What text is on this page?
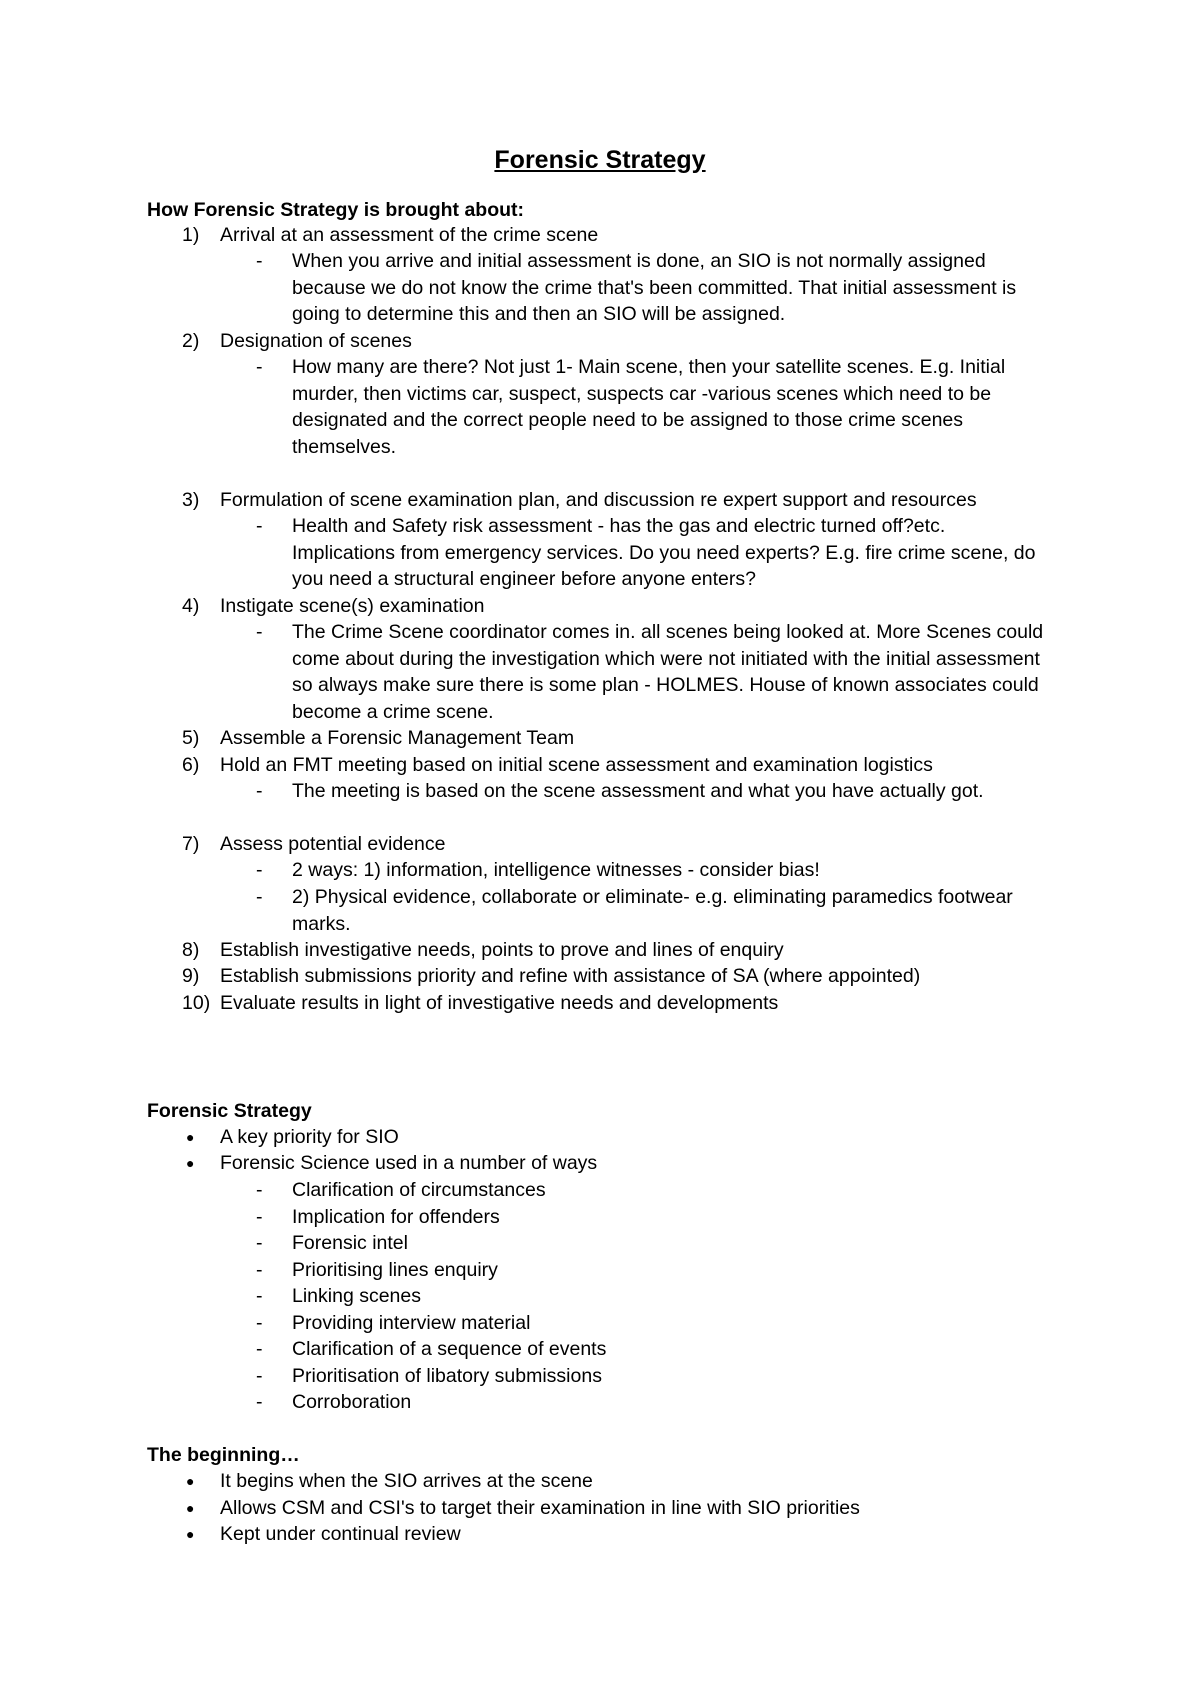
Forensic Strategy
How Forensic Strategy is brought about:
1) Arrival at an assessment of the crime scene
- When you arrive and initial assessment is done, an SIO is not normally assigned because we do not know the crime that's been committed. That initial assessment is going to determine this and then an SIO will be assigned.
2) Designation of scenes
- How many are there? Not just 1- Main scene, then your satellite scenes. E.g. Initial murder, then victims car, suspect, suspects car -various scenes which need to be designated and the correct people need to be assigned to those crime scenes themselves.
3) Formulation of scene examination plan, and discussion re expert support and resources
- Health and Safety risk assessment - has the gas and electric turned off?etc. Implications from emergency services. Do you need experts? E.g. fire crime scene, do you need a structural engineer before anyone enters?
4) Instigate scene(s) examination
- The Crime Scene coordinator comes in. all scenes being looked at. More Scenes could come about during the investigation which were not initiated with the initial assessment so always make sure there is some plan - HOLMES. House of known associates could become a crime scene.
5) Assemble a Forensic Management Team
6) Hold an FMT meeting based on initial scene assessment and examination logistics
- The meeting is based on the scene assessment and what you have actually got.
7) Assess potential evidence
- 2 ways: 1) information, intelligence witnesses - consider bias!
- 2) Physical evidence, collaborate or eliminate- e.g. eliminating paramedics footwear marks.
8) Establish investigative needs, points to prove and lines of enquiry
9) Establish submissions priority and refine with assistance of SA (where appointed)
10) Evaluate results in light of investigative needs and developments
Forensic Strategy
● A key priority for SIO
● Forensic Science used in a number of ways
- Clarification of circumstances
- Implication for offenders
- Forensic intel
- Prioritising lines enquiry
- Linking scenes
- Providing interview material
- Clarification of a sequence of events
- Prioritisation of libatory submissions
- Corroboration
The beginning…
● It begins when the SIO arrives at the scene
● Allows CSM and CSI's to target their examination in line with SIO priorities
● Kept under continual review
